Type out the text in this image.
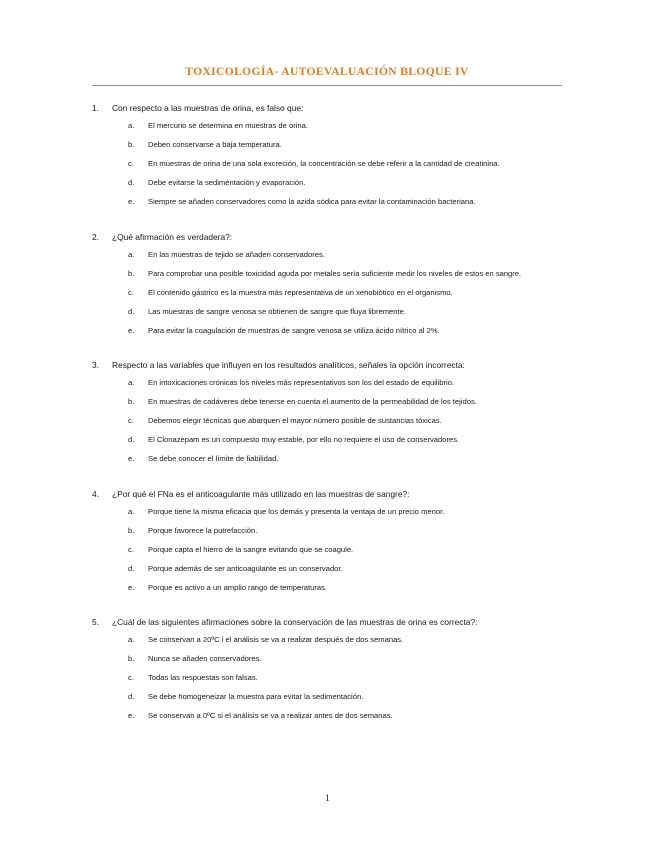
TOXICOLOGÍA- AUTOEVALUACIÓN BLOQUE IV
1.	Con respecto a las muestras de orina, es falso que:
a.	El mercurio se determina en muestras de orina.
b.	Deben conservarse a baja temperatura.
c.	En muestras de orina de una sola excreción, la concentración se debe referir a la cantidad de creatinina.
d.	Debe evitarse la sedimentación y evaporación.
e.	Siempre se añaden conservadores como la azida sódica para evitar la contaminación bacteriana.
2.	¿Qué afirmación es verdadera?:
a.	En las muestras de tejido se añaden conservadores.
b.	Para comprobar una posible toxicidad aguda por metales sería suficiente medir los niveles de estos en sangre.
c.	El contenido gástrico es la muestra más representativa de un xenobiótico en el organismo.
d.	Las muestras de sangre venosa se obtienen de sangre que fluya libremente.
e.	Para evitar la coagulación de muestras de sangre venosa se utiliza ácido nítrico al 2%.
3.	Respecto a las variables que influyen en los resultados analíticos, señales la opción incorrecta:
a.	En intoxicaciones crónicas los niveles más representativos son los del estado de equilibrio.
b.	En muestras de cadáveres debe tenerse en cuenta el aumento de la permeabilidad de los tejidos.
c.	Debemos elegir técnicas que abarquen el mayor número posible de sustancias tóxicas.
d.	El Clonazepam es un compuesto muy estable, por ello no requiere el uso de conservadores.
e.	Se debe conocer el límite de fiabilidad.
4.	¿Por qué el FNa es el anticoagulante más utilizado en las muestras de sangre?:
a.	Porque tiene la misma eficacia que los demás y presenta la ventaja de un precio menor.
b.	Porque favorece la putrefacción.
c.	Porque capta el hierro de la sangre evitando que se coagule.
d.	Porque además de ser anticoagulante es un conservador.
e.	Porque es activo a un amplio rango de temperaturas.
5.	¿Cuál de las siguientes afirmaciones sobre la conservación de las muestras de orina es correcta?:
a.	Se conservan a 20ºC i el análisis se va a realizar después de dos semanas.
b.	Nunca se añaden conservadores.
c.	Todas las respuestas son falsas.
d.	Se debe homogeneizar la muestra para evitar la sedimentación.
e.	Se conservan a 0ºC si el análisis se va a realizar antes de dos semanas.
1
